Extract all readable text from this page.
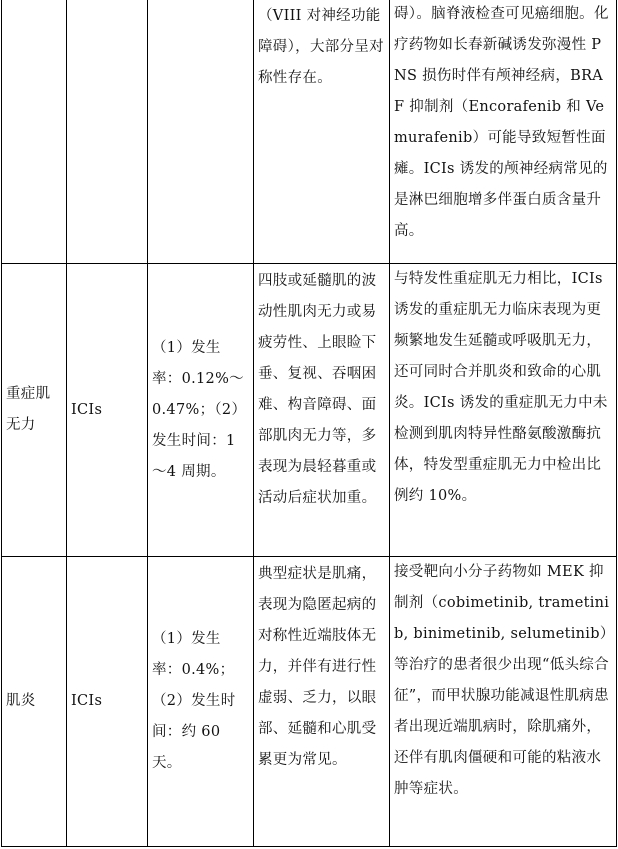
			（VIII 对神经功能障碍），大部分呈对称性存在。	碍）。脑脊液检查可见癌细胞。化疗药物如长春新碱诱发弥漫性 PNS 损伤时伴有颅神经病，BRAF 抑制剂（Encorafenib 和 Vemurafenib）可能导致短暂性面瘫。ICIs 诱发的颅神经病常见的是淋巴细胞增多伴蛋白质含量升高。
重症肌无力	ICIs	（1）发生率：0.12%～0.47%；（2）发生时间：1～4 周期。	四肢或延髓肌的波动性肌肉无力或易疲劳性、上眼睑下垂、复视、吞咽困难、构音障碍、面部肌肉无力等，多表现为晨轻暮重或活动后症状加重。	与特发性重症肌无力相比，ICIs 诱发的重症肌无力临床表现为更频繁地发生延髓或呼吸肌无力，还可同时合并肌炎和致命的心肌炎。ICIs 诱发的重症肌无力中未检测到肌肉特异性酪氨酸激酶抗体，特发型重症肌无力中检出比例约 10%。
肌炎	ICIs	（1）发生率：0.4%；（2）发生时间：约 60 天。	典型症状是肌痛，表现为隐匿起病的对称性近端肢体无力，并伴有进行性虚弱、乏力，以眼部、延髓和心肌受累更为常见。	接受靶向小分子药物如 MEK 抑制剂（cobimetinib, trametinib, binimetinib, selumetinib）等治疗的患者很少出现“低头综合征”，而甲状腺功能减退性肌病患者出现近端肌病时，除肌痛外，还伴有肌肉僵硬和可能的粘液水肿等症状。
